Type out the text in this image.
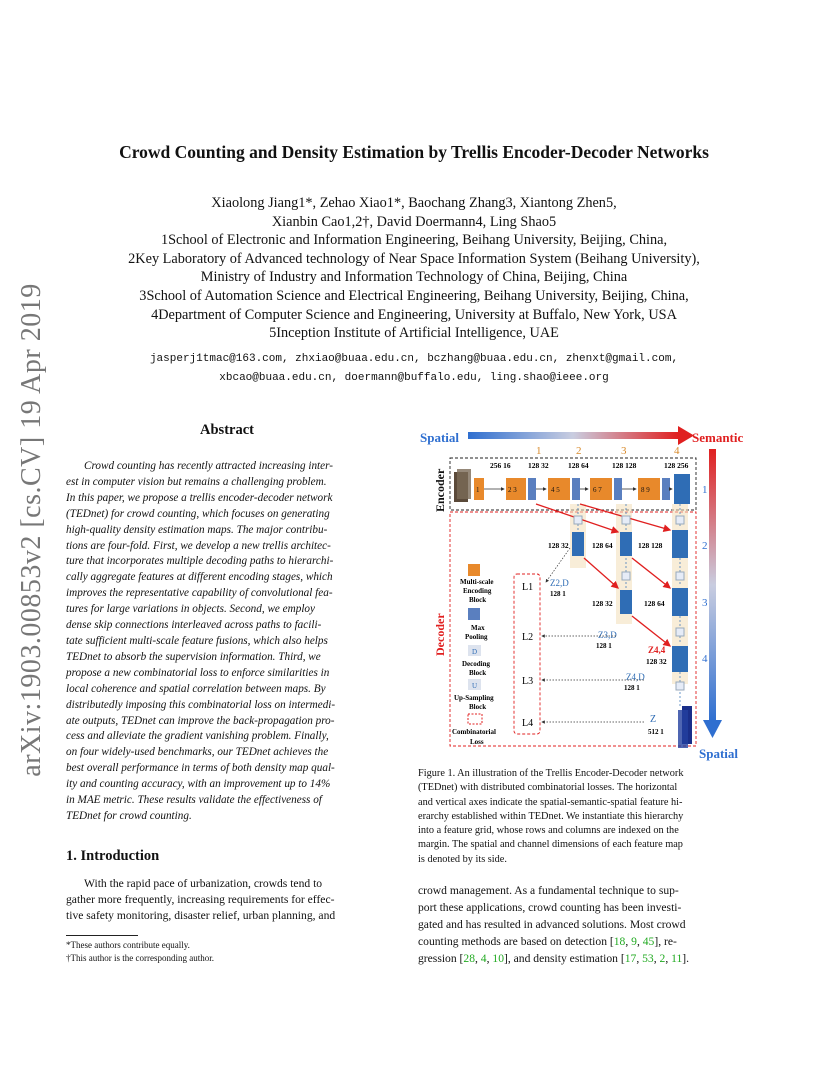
arXiv:1903.00853v2 [cs.CV] 19 Apr 2019
Crowd Counting and Density Estimation by Trellis Encoder-Decoder Networks
Xiaolong Jiang1*, Zehao Xiao1*, Baochang Zhang3, Xiantong Zhen5,
Xianbin Cao1,2†, David Doermann4, Ling Shao5
1School of Electronic and Information Engineering, Beihang University, Beijing, China,
2Key Laboratory of Advanced technology of Near Space Information System (Beihang University),
Ministry of Industry and Information Technology of China, Beijing, China
3School of Automation Science and Electrical Engineering, Beihang University, Beijing, China,
4Department of Computer Science and Engineering, University at Buffalo, New York, USA
5Inception Institute of Artificial Intelligence, UAE
jasperj1tmac@163.com, zhxiao@buaa.edu.cn, bczhang@buaa.edu.cn, zhenxt@gmail.com,
xbcao@buaa.edu.cn, doermann@buffalo.edu, ling.shao@ieee.org
Abstract
Crowd counting has recently attracted increasing inter-
est in computer vision but remains a challenging problem.
In this paper, we propose a trellis encoder-decoder network
(TEDnet) for crowd counting, which focuses on generating
high-quality density estimation maps. The major contribu-
tions are four-fold. First, we develop a new trellis architec-
ture that incorporates multiple decoding paths to hierarchi-
cally aggregate features at different encoding stages, which
improves the representative capability of convolutional fea-
tures for large variations in objects. Second, we employ
dense skip connections interleaved across paths to facili-
tate sufficient multi-scale feature fusions, which also helps
TEDnet to absorb the supervision information. Third, we
propose a new combinatorial loss to enforce similarities in
local coherence and spatial correlation between maps. By
distributedly imposing this combinatorial loss on intermedi-
ate outputs, TEDnet can improve the back-propagation pro-
cess and alleviate the gradient vanishing problem. Finally,
on four widely-used benchmarks, our TEDnet achieves the
best overall performance in terms of both density map qual-
ity and counting accuracy, with an improvement up to 14%
in MAE metric. These results validate the effectiveness of
TEDnet for crowd counting.
1. Introduction
With the rapid pace of urbanization, crowds tend to
gather more frequently, increasing requirements for effec-
tive safety monitoring, disaster relief, urban planning, and
*These authors contribute equally.
†This author is the corresponding author.
Spatial	Semantic
Spatial
1	2	3	4
1
2
3
4
Encoder
256 16 128 32	128 64	128 128	128 256
1	2 3	4 5	6 7	8 9
Decoder
128 32	128 64	128 128
128 32	128 64
Z4,4
128 32
Multi-scale Encoding Block
Max Pooling
D
Decoding Block
U
Up-Sampling Block
Combinatorial Loss
L1
L2
L3
L4
Z2,D
128 1
Z3,D
128 1
Z4,D
128 1
Z
512 1
Figure 1. An illustration of the Trellis Encoder-Decoder network
(TEDnet) with distributed combinatorial losses. The horizontal
and vertical axes indicate the spatial-semantic-spatial feature hi-
erarchy established within TEDnet. We instantiate this hierarchy
into a feature grid, whose rows and columns are indexed on the
margin. The spatial and channel dimensions of each feature map
is denoted by its side.
crowd management. As a fundamental technique to sup-
port these applications, crowd counting has been investi-
gated and has resulted in advanced solutions. Most crowd
counting methods are based on detection [18, 9, 45], re-
gression [28, 4, 10], and density estimation [17, 53, 2, 11].
